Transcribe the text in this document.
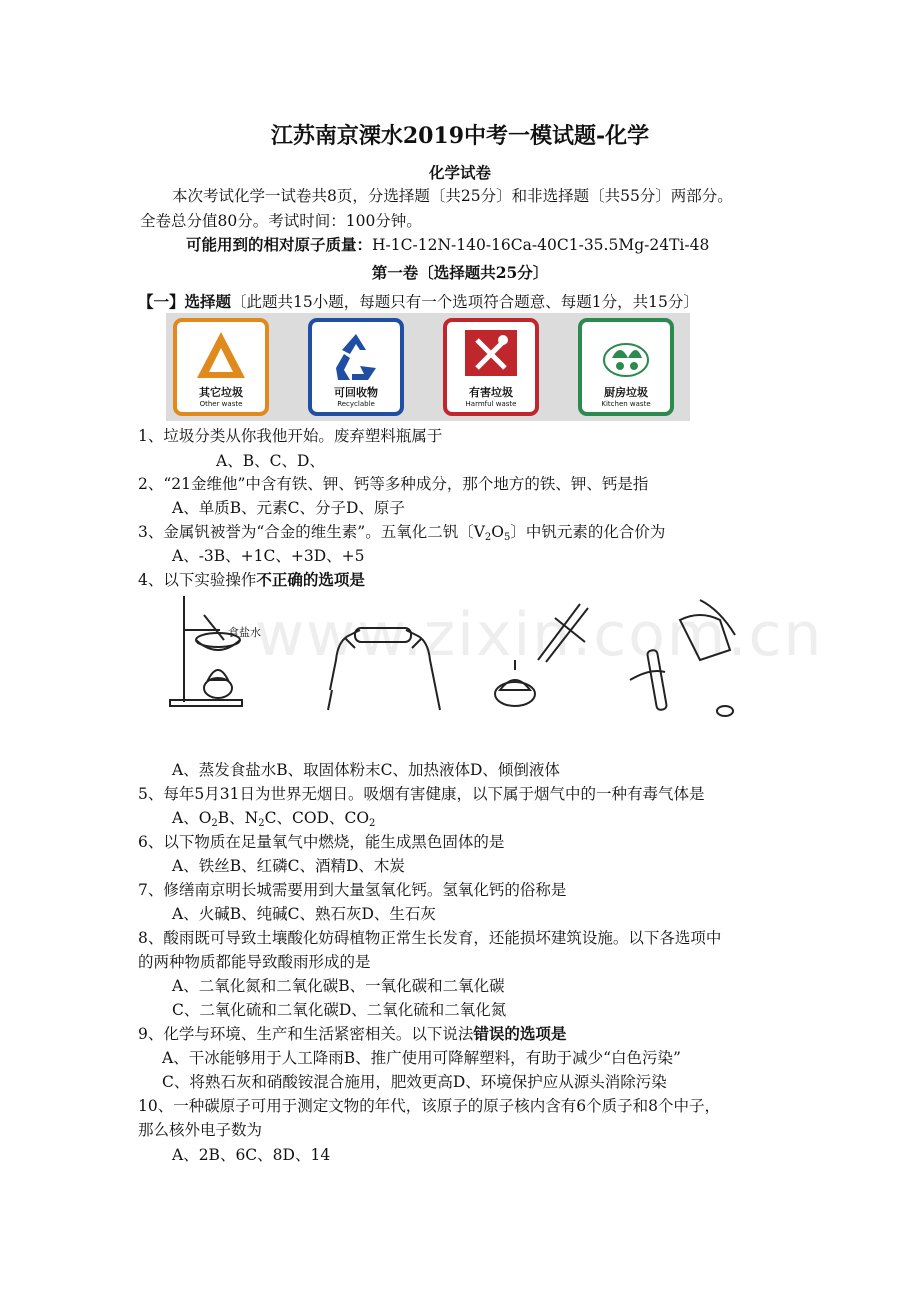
www.zixin.com.cn
江苏南京溧水2019中考一模试题-化学
化学试卷
本次考试化学一试卷共8页，分选择题〔共25分〕和非选择题〔共55分〕两部分。
全卷总分值80分。考试时间：100分钟。
可能用到的相对原子质量：H-1C-12N-140-16Ca-40C1-35.5Mg-24Ti-48
第一卷〔选择题共25分〕
【一】选择题〔此题共15小题，每题只有一个选项符合题意、每题1分，共15分〕
其它垃圾
Other waste
可回收物
Recyclable
有害垃圾
Harmful waste
厨房垃圾
Kitchen waste
1、垃圾分类从你我他开始。废弃塑料瓶属于
A、B、C、D、
2、“21金维他”中含有铁、钾、钙等多种成分，那个地方的铁、钾、钙是指
A、单质B、元素C、分子D、原子
3、金属钒被誉为“合金的维生素”。五氧化二钒〔$V_2O_5$〕中钒元素的化合价为
A、-3B、+1C、+3D、+5
4、以下实验操作不正确的选项是
食盐水
A、蒸发食盐水B、取固体粉末C、加热液体D、倾倒液体
5、每年5月31日为世界无烟日。吸烟有害健康，以下属于烟气中的一种有毒气体是
A、$O_2B$、$N_2C$、COD、$CO_2$
6、以下物质在足量氧气中燃烧，能生成黑色固体的是
A、铁丝B、红磷C、酒精D、木炭
7、修缮南京明长城需要用到大量氢氧化钙。氢氧化钙的俗称是
A、火碱B、纯碱C、熟石灰D、生石灰
8、酸雨既可导致土壤酸化妨碍植物正常生长发育，还能损坏建筑设施。以下各选项中
的两种物质都能导致酸雨形成的是
A、二氧化氮和二氧化碳B、一氧化碳和二氧化碳
C、二氧化硫和二氧化碳D、二氧化硫和二氧化氮
9、化学与环境、生产和生活紧密相关。以下说法错误的选项是
A、干冰能够用于人工降雨B、推广使用可降解塑料，有助于减少“白色污染”
C、将熟石灰和硝酸铵混合施用，肥效更高D、环境保护应从源头消除污染
10、一种碳原子可用于测定文物的年代，该原子的原子核内含有6个质子和8个中子，
那么核外电子数为
A、2B、6C、8D、14
